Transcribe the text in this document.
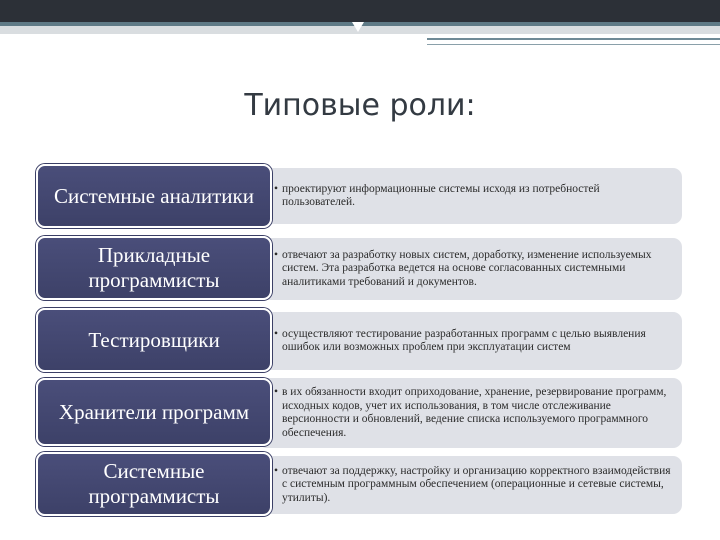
Типовые роли:
• проектируют информационные системы исходя из потребностей пользователей.
Системные аналитики
• отвечают за разработку новых систем, доработку, изменение используемых систем. Эта разработка ведется на основе согласованных системными аналитиками требований и документов.
Прикладные программисты
• осуществляют тестирование разработанных программ с целью выявления ошибок или возможных проблем при эксплуатации систем
Тестировщики
• в их обязанности входит оприходование, хранение, резервирование программ, исходных кодов, учет их использования, в том числе отслеживание версионности и обновлений, ведение списка используемого программного обеспечения.
Хранители программ
• отвечают за поддержку, настройку и организацию корректного взаимодействия с системным программным обеспечением (операционные и сетевые системы, утилиты).
Системные программисты
